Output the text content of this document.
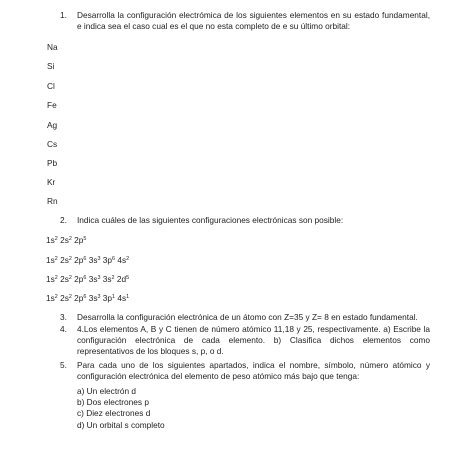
1. Desarrolla la configuración electrómica de los siguientes elementos en su estado fundamental, e indica sea el caso cual es el que no esta completo de e su último orbital:
Na
Si
Cl
Fe
Ag
Cs
Pb
Kr
Rn
2. Indica cuáles de las siguientes configuraciones electrónicas son posible:
$1s^2$ $2s^2$ $2p^5$
$1s^2$ $2s^2$ $2p^6$ $3s^3$ $3p^6$ $4s^2$
$1s^2$ $2s^2$ $2p^6$ $3s^3$ $3s^2$ $2d^5$
$1s^2$ $2s^2$ $2p^6$ $3s^3$ $3p^1$ $4s^1$
3. Desarrolla la configuración electrónica de un átomo con Z=35 y Z= 8 en estado fundamental.
4. 4.Los elementos A, B y C tienen de número atómico 11,18 y 25, respectivamente. a) Escribe la configuración electrónica de cada elemento. b) Clasifica dichos elementos como representativos de los bloques s, p, o d.
5. Para cada uno de los siguientes apartados, indica el nombre, símbolo, número atómico y configuración electrónica del elemento de peso atómico más bajo que tenga:
a) Un electrón d
b) Dos electrones p
c) Diez electrones d
d) Un orbital s completo
